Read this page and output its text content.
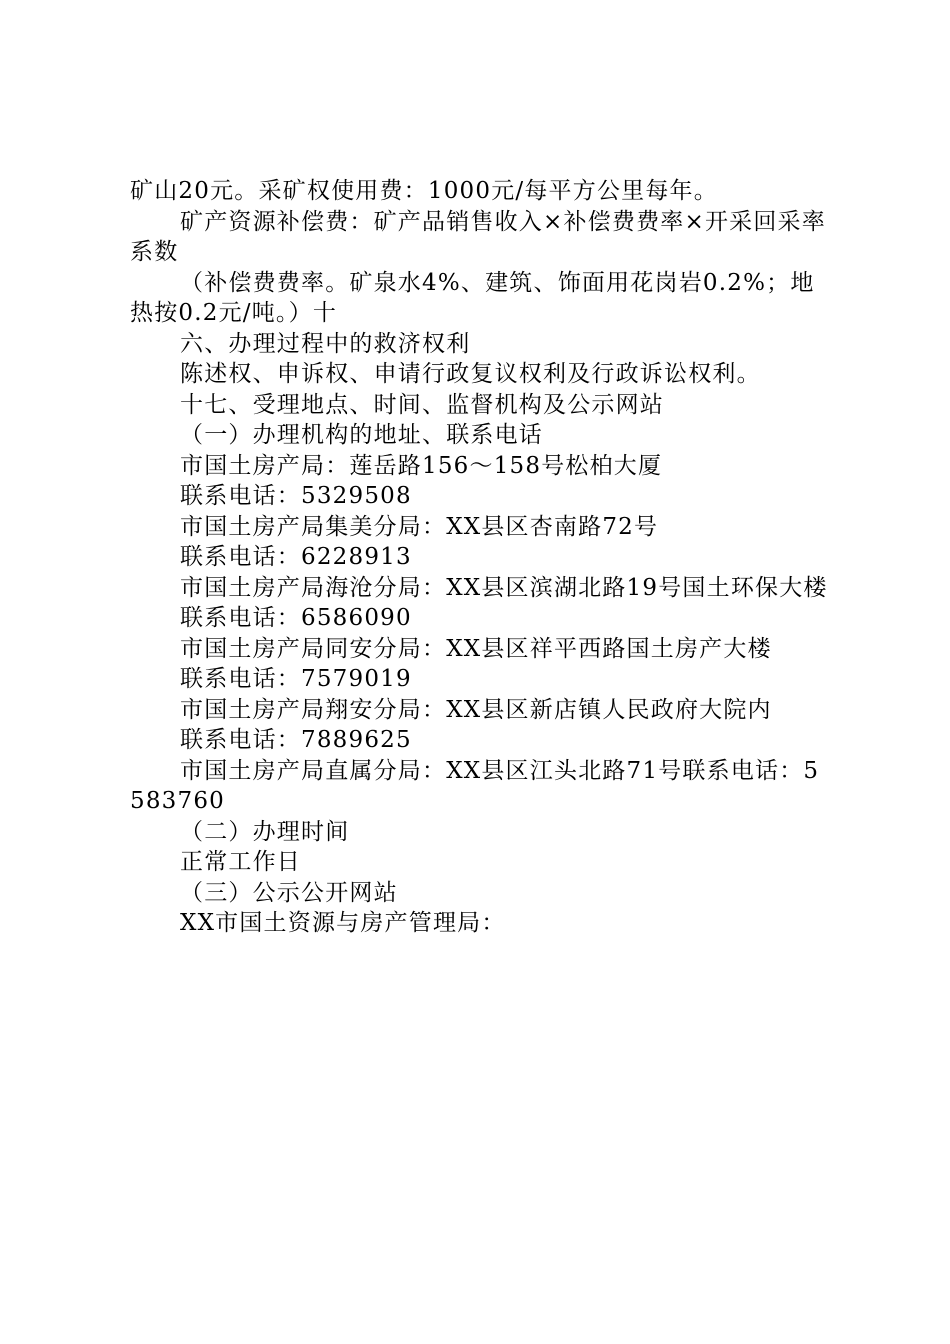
矿山20元。采矿权使用费：1000元/每平方公里每年。

矿产资源补偿费：矿产品销售收入×补偿费费率×开采回采率系数

（补偿费费率。矿泉水4%、建筑、饰面用花岗岩0.2%；地热按0.2元/吨。）十

六、办理过程中的救济权利

陈述权、申诉权、申请行政复议权利及行政诉讼权利。

十七、受理地点、时间、监督机构及公示网站

（一）办理机构的地址、联系电话

市国土房产局：莲岳路156～158号松柏大厦

联系电话：5329508

市国土房产局集美分局：XX县区杏南路72号

联系电话：6228913

市国土房产局海沧分局：XX县区滨湖北路19号国土环保大楼

联系电话：6586090

市国土房产局同安分局：XX县区祥平西路国土房产大楼

联系电话：7579019

市国土房产局翔安分局：XX县区新店镇人民政府大院内

联系电话：7889625

市国土房产局直属分局：XX县区江头北路71号联系电话：5583760

（二）办理时间

正常工作日

（三）公示公开网站

XX市国土资源与房产管理局：
